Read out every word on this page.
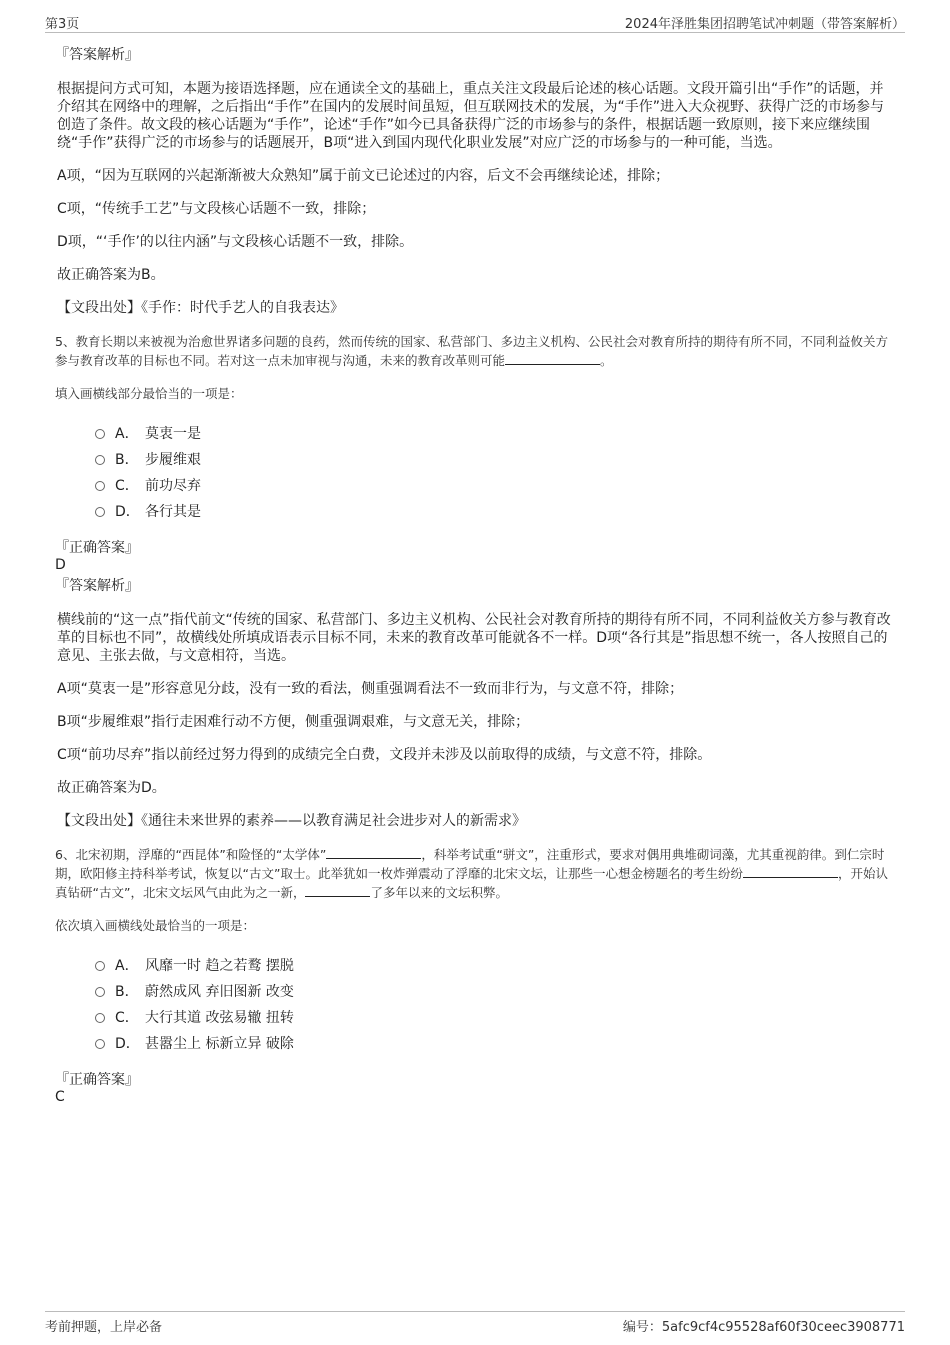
第3页	2024年泽胜集团招聘笔试冲刺题（带答案解析）
『答案解析』

根据提问方式可知，本题为接语选择题，应在通读全文的基础上，重点关注文段最后论述的核心话题。文段开篇引出“手作”的话题，并介绍其在网络中的理解，之后指出“手作”在国内的发展时间虽短，但互联网技术的发展，为“手作”进入大众视野、获得广泛的市场参与创造了条件。故文段的核心话题为“手作”，论述“手作”如今已具备获得广泛的市场参与的条件，根据话题一致原则，接下来应继续围绕“手作”获得广泛的市场参与的话题展开，B项“进入到国内现代化职业发展”对应广泛的市场参与的一种可能，当选。

A项，“因为互联网的兴起渐渐被大众熟知”属于前文已论述过的内容，后文不会再继续论述，排除；

C项，“传统手工艺”与文段核心话题不一致，排除；

D项，“‘手作’的以往内涵”与文段核心话题不一致，排除。

故正确答案为B。

【文段出处】《手作：时代手艺人的自我表达》

5、教育长期以来被视为治愈世界诸多问题的良药，然而传统的国家、私营部门、多边主义机构、公民社会对教育所持的期待有所不同，不同利益攸关方参与教育改革的目标也不同。若对这一点未加审视与沟通，未来的教育改革则可能	。

填入画横线部分最恰当的一项是：

A． 莫衷一是
B． 步履维艰
C． 前功尽弃
D． 各行其是
『正确答案』
D
『答案解析』

横线前的“这一点”指代前文“传统的国家、私营部门、多边主义机构、公民社会对教育所持的期待有所不同，不同利益攸关方参与教育改革的目标也不同”，故横线处所填成语表示目标不同，未来的教育改革可能就各不一样。D项“各行其是”指思想不统一，各人按照自己的意见、主张去做，与文意相符，当选。

A项“莫衷一是”形容意见分歧，没有一致的看法，侧重强调看法不一致而非行为，与文意不符，排除；

B项“步履维艰”指行走困难行动不方便，侧重强调艰难，与文意无关，排除；

C项“前功尽弃”指以前经过努力得到的成绩完全白费，文段并未涉及以前取得的成绩，与文意不符，排除。

故正确答案为D。

【文段出处】《通往未来世界的素养——以教育满足社会进步对人的新需求》

6、北宋初期，浮靡的“西昆体”和险怪的“太学体”	，科举考试重“骈文”，注重形式，要求对偶用典堆砌词藻，尤其重视韵律。到仁宗时期，欧阳修主持科举考试，恢复以“古文”取士。此举犹如一枚炸弹震动了浮靡的北宋文坛，让那些一心想金榜题名的考生纷纷	，开始认真钻研“古文”，北宋文坛风气由此为之一新，	了多年以来的文坛积弊。

依次填入画横线处最恰当的一项是：

A． 风靡一时 趋之若鹜 摆脱
B． 蔚然成风 弃旧图新 改变
C． 大行其道 改弦易辙 扭转
D． 甚嚣尘上 标新立异 破除
『正确答案』
C
考前押题，上岸必备	编号：5afc9cf4c95528af60f30ceec3908771
